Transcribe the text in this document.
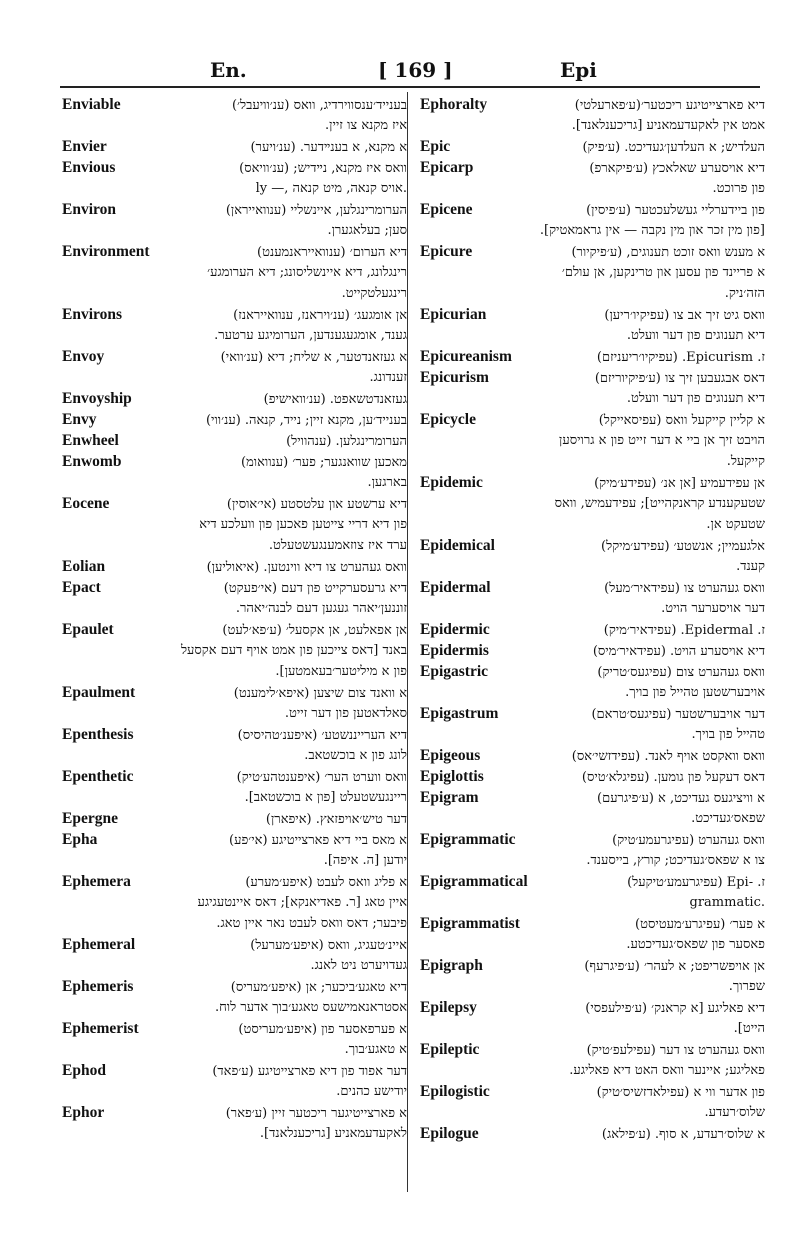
En.	[ 169 ]	Epi
Enviable	בענייד׳ענסווירדיג, וואס (ענ׳וויעבל׳)
איז מקנא צו זיין.
Envier	א מקנא, א בענײדער. (ענ׳ויער)
Envious	וואס איז מקנא, נײדיש; (ענ׳וויאס)
ly —, אויס קנאה, מיט קנאה.
Environ	הערומרינגלען, איינשליי (ענוואייראן)
סען; בעלאגערן.
Environment	דיא הערום׳ (ענוואייראנמענט)
רינגלונג, דיא איינשליסונג; דיא הערומגע׳
רינגעלטקייט.
Environs	אן אומגעג׳ (ענ׳ויראנז, ענוואייראנז)
גענד, אומגעגענדען, הערומיגע ערטער.
Envoy	א געזאנדטער, א שליח; דיא (ענ׳וואי)
זענדונג.
Envoyship	געזאנדטשאפט. (ענ׳וואישיפ)
Envy	בענייד׳ען, מקנא זיין; נייד, קנאה. (ענ׳ווי)
Enwheel	הערומרינגלען. (ענהוויל)
Enwomb	מאכען שוואנגער; פער׳ (ענוואומ)
בארגען.
Eocene	דיא ערשטע און עלטסטע (אי׳אוסין)
פון דיא דריי צייטען פאכען פון וועלכע דיא
ערד איז צוזאמענגעשטעלט.
Eolian	וואס געהערט צו דיא ווינטען. (איאוליען)
Epact	דיא גרעסערקייט פון דעם (אי׳פעקט)
זוננען׳יאהר געגען דעם לבנה׳יאהר.
Epaulet	אן אפאלעט, אן אקסעל׳ (ע׳פא׳לעט)
באנד [דאס צייכען פון אמט אויף דעם אקסעל
פון א מיליטער׳בעאמטען].
Epaulment	א וואנד צום שיצען (איפא׳לימענט)
סאלדאטען פון דער זייט.
Epenthesis	דיא הערייננשטע׳ (איפענ׳טהיסיס)
לונג פון א בוכשטאב.
Epenthetic	וואס ווערט הער׳ (איפענטהע׳טיק)
ריינגעשטעלט [פון א בוכשטאב].
Epergne	דער טיש׳אויפזאץ. (איפארן)
Epha	א מאס ביי דיא פארצייטיגע (אי׳פע)
יודען [ה. איפה].
Ephemera	א פליג וואס לעבט (איפע׳מערע)
איין טאג [ר. פאדיאנקא]; דאס איינטעגיגע
פיבער; דאס וואס לעבט נאר איין טאג.
Ephemeral	איינ׳טעגיג, וואס (איפע׳מערעל)
געדויערט ניט לאנג.
Ephemeris	דיא טאגע׳ביכער; אן (איפע׳מעריס)
אסטראנאמישעס טאגע׳בוך אדער לוח.
Ephemerist	א פערפאסער פון (איפע׳מעריסט)
א טאגע׳בוך.
Ephod	דער אפוד פון דיא פארצייטיגע (ע׳פאד)
יודישע כהנים.
Ephor	א פארצייטיגער ריכטער זיין (ע׳פאר)
לאקעדעמאניע [גריכענלאנד].
Ephoralty	דיא פארצייטיגע ריכטער׳(ע׳פארעלטי)
אמט אין לאקעדעמאניע [גריכענלאנד].
Epic	העלדיש; א העלדען׳געדיכט. (ע׳פיק)
Epicarp	דיא אויסערע שאלאכץ (ע׳פיקארפ)
פון פרוכט.
Epicene	פון ביידערליי געשלעכטער (ע׳פיסין)
[פון מין זכר און מין נקבה — אין גראמאטיק].
Epicure	א מענש וואס זוכט תענוגים, (ע׳פיקיור)
א פריינד פון עסען און טרינקען, אן עולם׳
הזה׳ניק.
Epicurian	וואס גיט זיך אב צו (עפיקיו׳ריען)
דיא תענוגים פון דער וועלט.
Epicureanism	ז. Epicurism. (עפיקיו׳ריעניזם)
Epicurism	דאס אבגעבען זיך צו (ע׳פיקיוריזם)
דיא תענוגים פון דער וועלט.
Epicycle	א קליין קייקעל וואס (עפיסאייקל)
הויבט זיך אן ביי א דער זייט פון א גרויסען
קייקעל.
Epidemic	אן עפידעמיע [אן אנ׳ (עפידע׳מיק)
שטעקענדע קראנקהייט]; עפידעמיש, וואס
שטעקט אן.
Epidemical	אלגעמיין; אנשטע׳ (עפידע׳מיקל)
קענד.
Epidermal	וואס געהערט צו (עפידאיר׳מעל)
דער אויסערער הויט.
Epidermic	ז. Epidermal. (עפידאיר׳מיק)
Epidermis	דיא אויסערע הויט. (עפידאיר׳מיס)
Epigastric	וואס געהערט צום (עפיגעס׳טריק)
אויבערשטען טהייל פון בויך.
Epigastrum	דער אויבערשטער (עפיגעס׳טראם)
טהייל פון בויך.
Epigeous	וואס וואקסט אויף לאנד. (עפידזשי׳אס)
Epiglottis	דאס דעקעל פון גומען. (עפיגלא׳טיס)
Epigram	א וויציגעס געדיכט, א (ע׳פיגרעם)
שפאס׳געדיכט.
Epigrammatic	וואס געהערט (עפיגרעמע׳טיק)
צו א שפאס׳געדיכט; קורץ, בייסענד.
Epigrammatical	ז. -Epi (עפיגרעמע׳טיקעל)
grammatic.
Epigrammatist	א פער׳ (עפיגרע׳מעטיסט)
פאסער פון שפאס׳געדיכטע.
Epigraph	אן אויפשריפט; א לעהר׳ (ע׳פיגרעף)
שפרוך.
Epilepsy	דיא פאליגע [א קראנק׳ (ע׳פילעפסי)
הייט].
Epileptic	וואס געהערט צו דער (עפילעפ׳טיק)
פאליגע; איינער וואס האט דיא פאליגע.
Epilogistic	פון אדער ווי א (עפילאדזשיס׳טיק)
שלוס׳רעדע.
Epilogue	א שלוס׳רעדע, א סוף. (ע׳פילאג)
